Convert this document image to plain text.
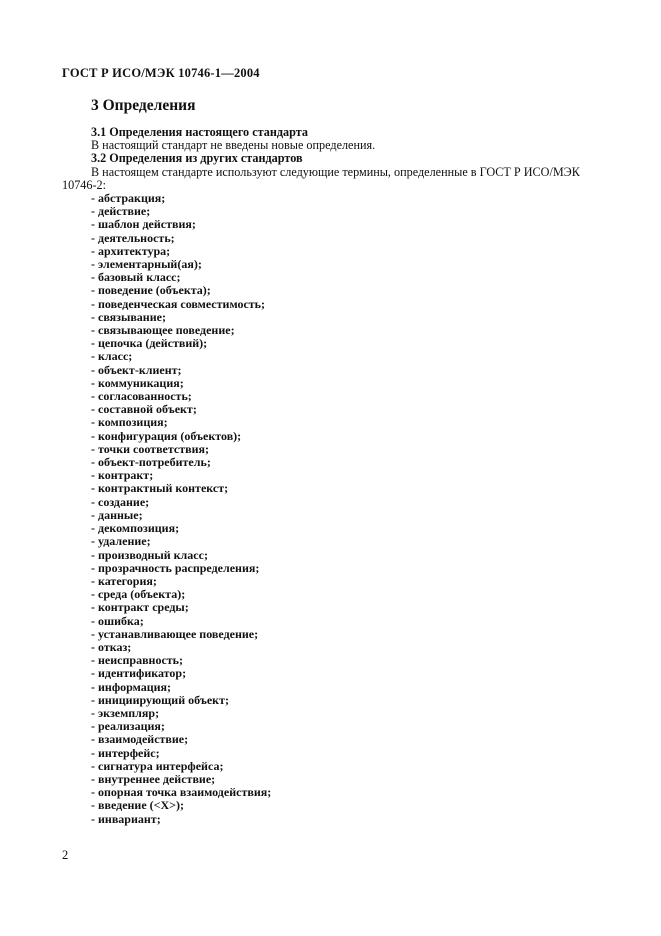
ГОСТ Р ИСО/МЭК 10746-1—2004
3 Определения
3.1 Определения настоящего стандарта
В настоящий стандарт не введены новые определения.
3.2 Определения из других стандартов
В настоящем стандарте используют следующие термины, определенные в ГОСТ Р ИСО/МЭК 10746-2:
- абстракция;
- действие;
- шаблон действия;
- деятельность;
- архитектура;
- элементарный(ая);
- базовый класс;
- поведение (объекта);
- поведенческая совместимость;
- связывание;
- связывающее поведение;
- цепочка (действий);
- класс;
- объект-клиент;
- коммуникация;
- согласованность;
- составной объект;
- композиция;
- конфигурация (объектов);
- точки соответствия;
- объект-потребитель;
- контракт;
- контрактный контекст;
- создание;
- данные;
- декомпозиция;
- удаление;
- производный класс;
- прозрачность распределения;
- категория;
- среда (объекта);
- контракт среды;
- ошибка;
- устанавливающее поведение;
- отказ;
- неисправность;
- идентификатор;
- информация;
- инициирующий объект;
- экземпляр;
- реализация;
- взаимодействие;
- интерфейс;
- сигнатура интерфейса;
- внутреннее действие;
- опорная точка взаимодействия;
- введение (<X>);
- инвариант;
2
